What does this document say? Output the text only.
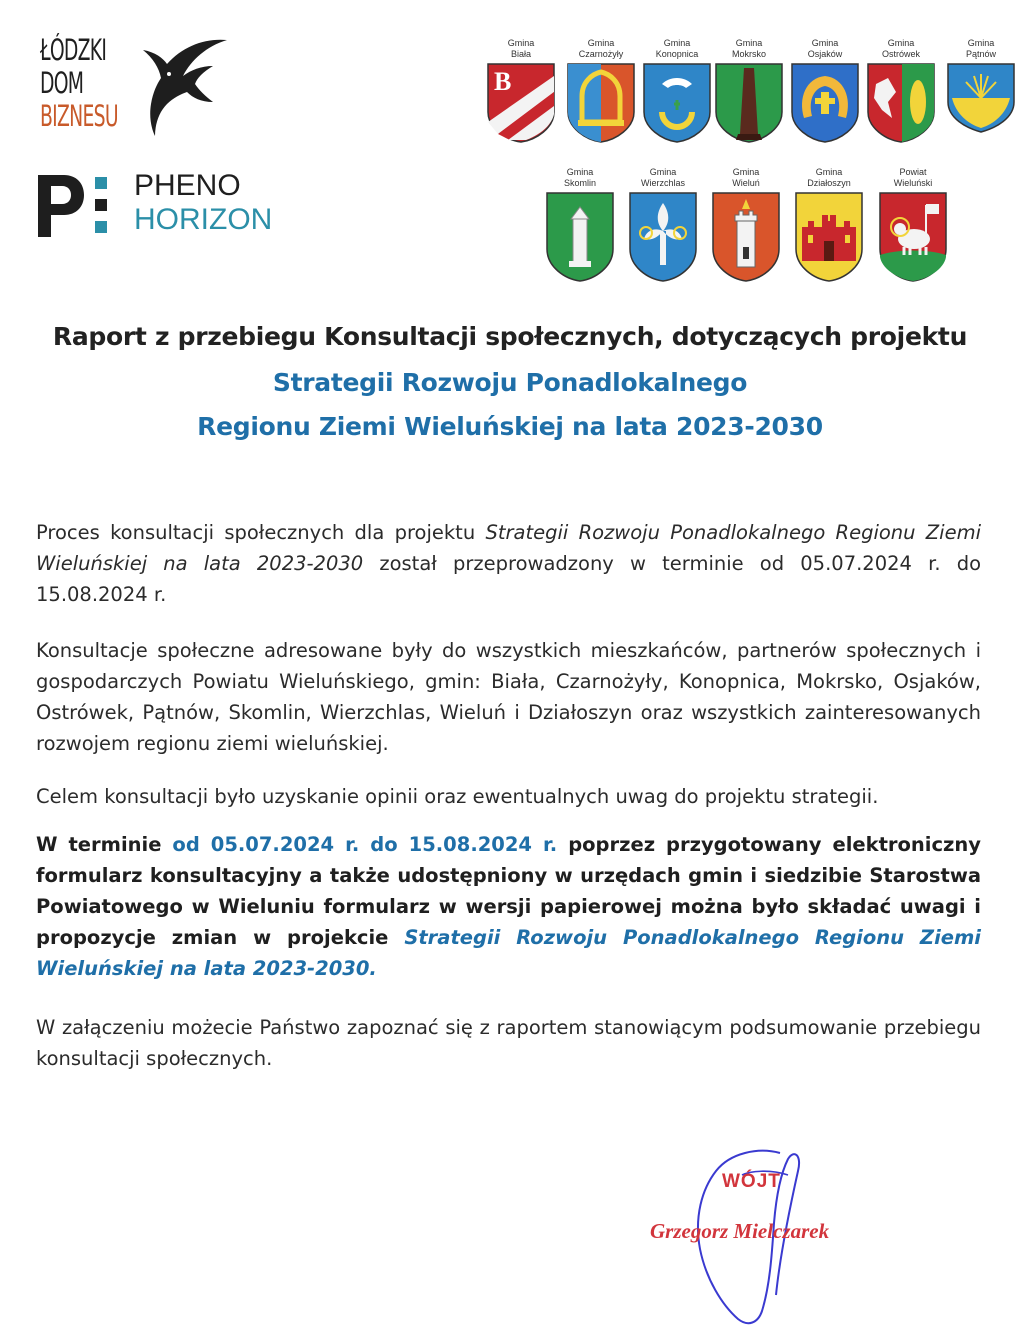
ŁÓDZKI
DOM
BIZNESU
PHENO
HORIZON
Gmina Biała
B
Gmina Czarnożyły
Gmina Konopnica
Gmina Mokrsko
Gmina Osjaków
Gmina Ostrówek
Gmina Pątnów
Gmina Skomlin
Gmina Wierzchlas
Gmina Wieluń
Gmina Działoszyn
Powiat Wieluński
Raport z przebiegu Konsultacji społecznych, dotyczących projektu
Strategii Rozwoju Ponadlokalnego
Regionu Ziemi Wieluńskiej na lata 2023-2030
Proces konsultacji społecznych dla projektu Strategii Rozwoju Ponadlokalnego Regionu Ziemi Wieluńskiej na lata 2023-2030 został przeprowadzony w terminie od 05.07.2024 r. do 15.08.2024 r.
Konsultacje społeczne adresowane były do wszystkich mieszkańców, partnerów społecznych i gospodarczych Powiatu Wieluńskiego, gmin: Biała, Czarnożyły, Konopnica, Mokrsko, Osjaków, Ostrówek, Pątnów, Skomlin, Wierzchlas, Wieluń i Działoszyn oraz wszystkich zainteresowanych rozwojem regionu ziemi wieluńskiej.
Celem konsultacji było uzyskanie opinii oraz ewentualnych uwag do projektu strategii.
W terminie od 05.07.2024 r. do 15.08.2024 r. poprzez przygotowany elektroniczny formularz konsultacyjny a także udostępniony w urzędach gmin i siedzibie Starostwa Powiatowego w Wieluniu formularz w wersji papierowej można było składać uwagi i propozycje zmian w projekcie Strategii Rozwoju Ponadlokalnego Regionu Ziemi Wieluńskiej na lata 2023-2030.
W załączeniu możecie Państwo zapoznać się z raportem stanowiącym podsumowanie przebiegu konsultacji społecznych.
WÓJT
Grzegorz Mielczarek
